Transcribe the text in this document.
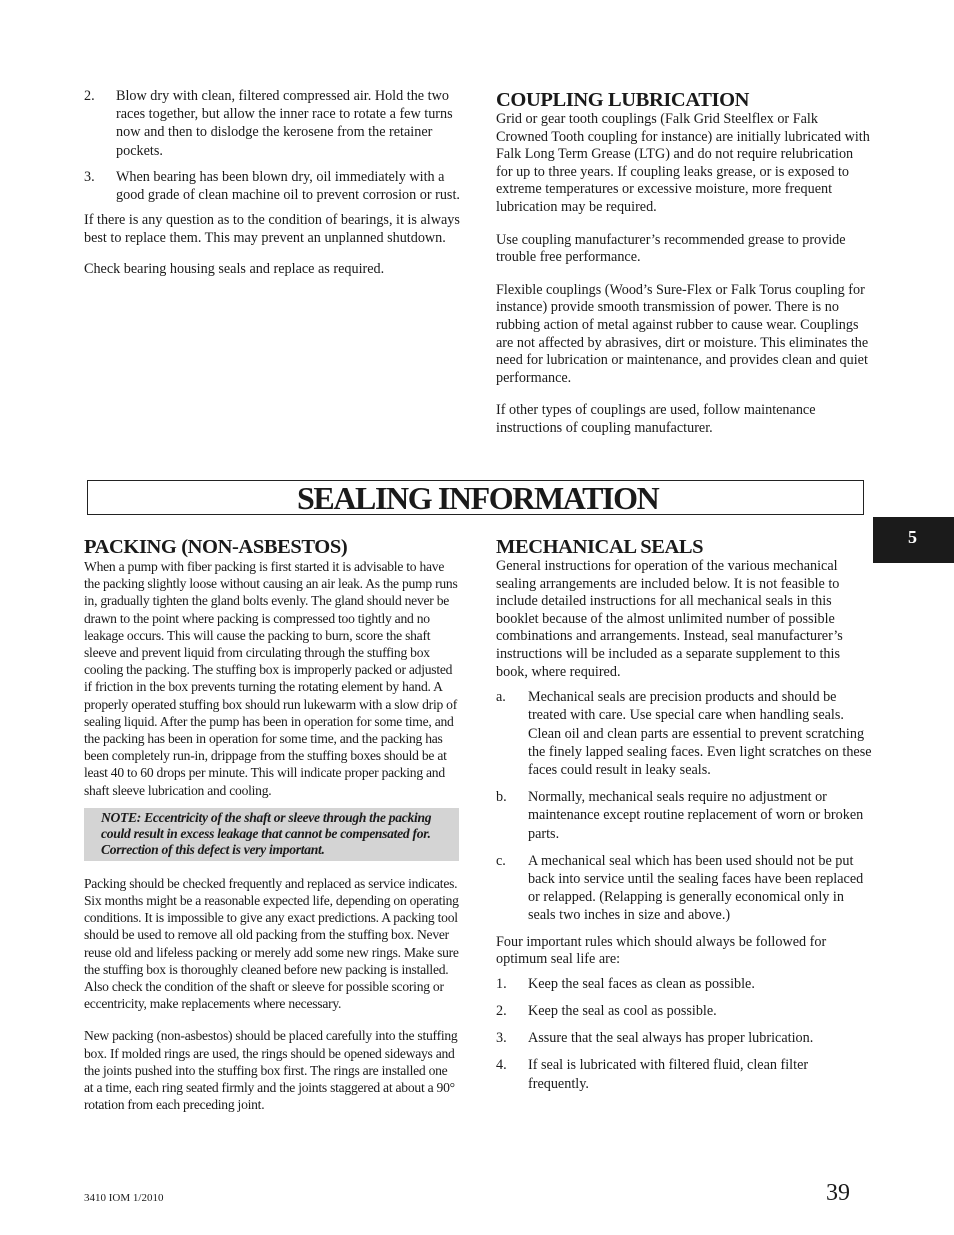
2. Blow dry with clean, filtered compressed air. Hold the two races together, but allow the inner race to rotate a few turns now and then to dislodge the kerosene from the retainer pockets.
3. When bearing has been blown dry, oil immediately with a good grade of clean machine oil to prevent corrosion or rust.

If there is any question as to the condition of bearings, it is always best to replace them. This may prevent an unplanned shutdown.

Check bearing housing seals and replace as required.

COUPLING LUBRICATION

Grid or gear tooth couplings (Falk Grid Steelflex or Falk Crowned Tooth coupling for instance) are initially lubricated with Falk Long Term Grease (LTG) and do not require relubrication for up to three years. If coupling leaks grease, or is exposed to extreme temperatures or excessive moisture, more frequent lubrication may be required.

Use coupling manufacturer’s recommended grease to provide trouble free performance.

Flexible couplings (Wood’s Sure-Flex or Falk Torus coupling for instance) provide smooth transmission of power. There is no rubbing action of metal against rubber to cause wear. Couplings are not affected by abrasives, dirt or moisture. This eliminates the need for lubrication or maintenance, and provides clean and quiet performance.

If other types of couplings are used, follow maintenance instructions of coupling manufacturer.

SEALING INFORMATION
5
PACKING (NON-ASBESTOS)

When a pump with fiber packing is first started it is advisable to have the packing slightly loose without causing an air leak. As the pump runs in, gradually tighten the gland bolts evenly. The gland should never be drawn to the point where packing is compressed too tightly and no leakage occurs. This will cause the packing to burn, score the shaft sleeve and prevent liquid from circulating through the stuffing box cooling the packing. The stuffing box is improperly packed or adjusted if friction in the box prevents turning the rotating element by hand. A properly operated stuffing box should run lukewarm with a slow drip of sealing liquid. After the pump has been in operation for some time, and the packing has been in operation for some time, and the packing has been completely run-in, drippage from the stuffing boxes should be at least 40 to 60 drops per minute. This will indicate proper packing and shaft sleeve lubrication and cooling.

NOTE: Eccentricity of the shaft or sleeve through the packing could result in excess leakage that cannot be compensated for. Correction of this defect is very important.

Packing should be checked frequently and replaced as service indicates. Six months might be a reasonable expected life, depending on operating conditions. It is impossible to give any exact predictions. A packing tool should be used to remove all old packing from the stuffing box. Never reuse old and lifeless packing or merely add some new rings. Make sure the stuffing box is thoroughly cleaned before new packing is installed. Also check the condition of the shaft or sleeve for possible scoring or eccentricity, make replacements where necessary.

New packing (non-asbestos) should be placed carefully into the stuffing box. If molded rings are used, the rings should be opened sideways and the joints pushed into the stuffing box first. The rings are installed one at a time, each ring seated firmly and the joints staggered at about a 90° rotation from each preceding joint.

MECHANICAL SEALS

General instructions for operation of the various mechanical sealing arrangements are included below. It is not feasible to include detailed instructions for all mechanical seals in this booklet because of the almost unlimited number of possible combinations and arrangements. Instead, seal manufacturer’s instructions will be included as a separate supplement to this book, where required.

a. Mechanical seals are precision products and should be treated with care. Use special care when handling seals. Clean oil and clean parts are essential to prevent scratching the finely lapped sealing faces. Even light scratches on these faces could result in leaky seals.
b. Normally, mechanical seals require no adjustment or maintenance except routine replacement of worn or broken parts.
c. A mechanical seal which has been used should not be put back into service until the sealing faces have been replaced or relapped. (Relapping is generally economical only in seals two inches in size and above.)

Four important rules which should always be followed for optimum seal life are:

1. Keep the seal faces as clean as possible.
2. Keep the seal as cool as possible.
3. Assure that the seal always has proper lubrication.
4. If seal is lubricated with filtered fluid, clean filter frequently.
3410 IOM 1/2010	39
